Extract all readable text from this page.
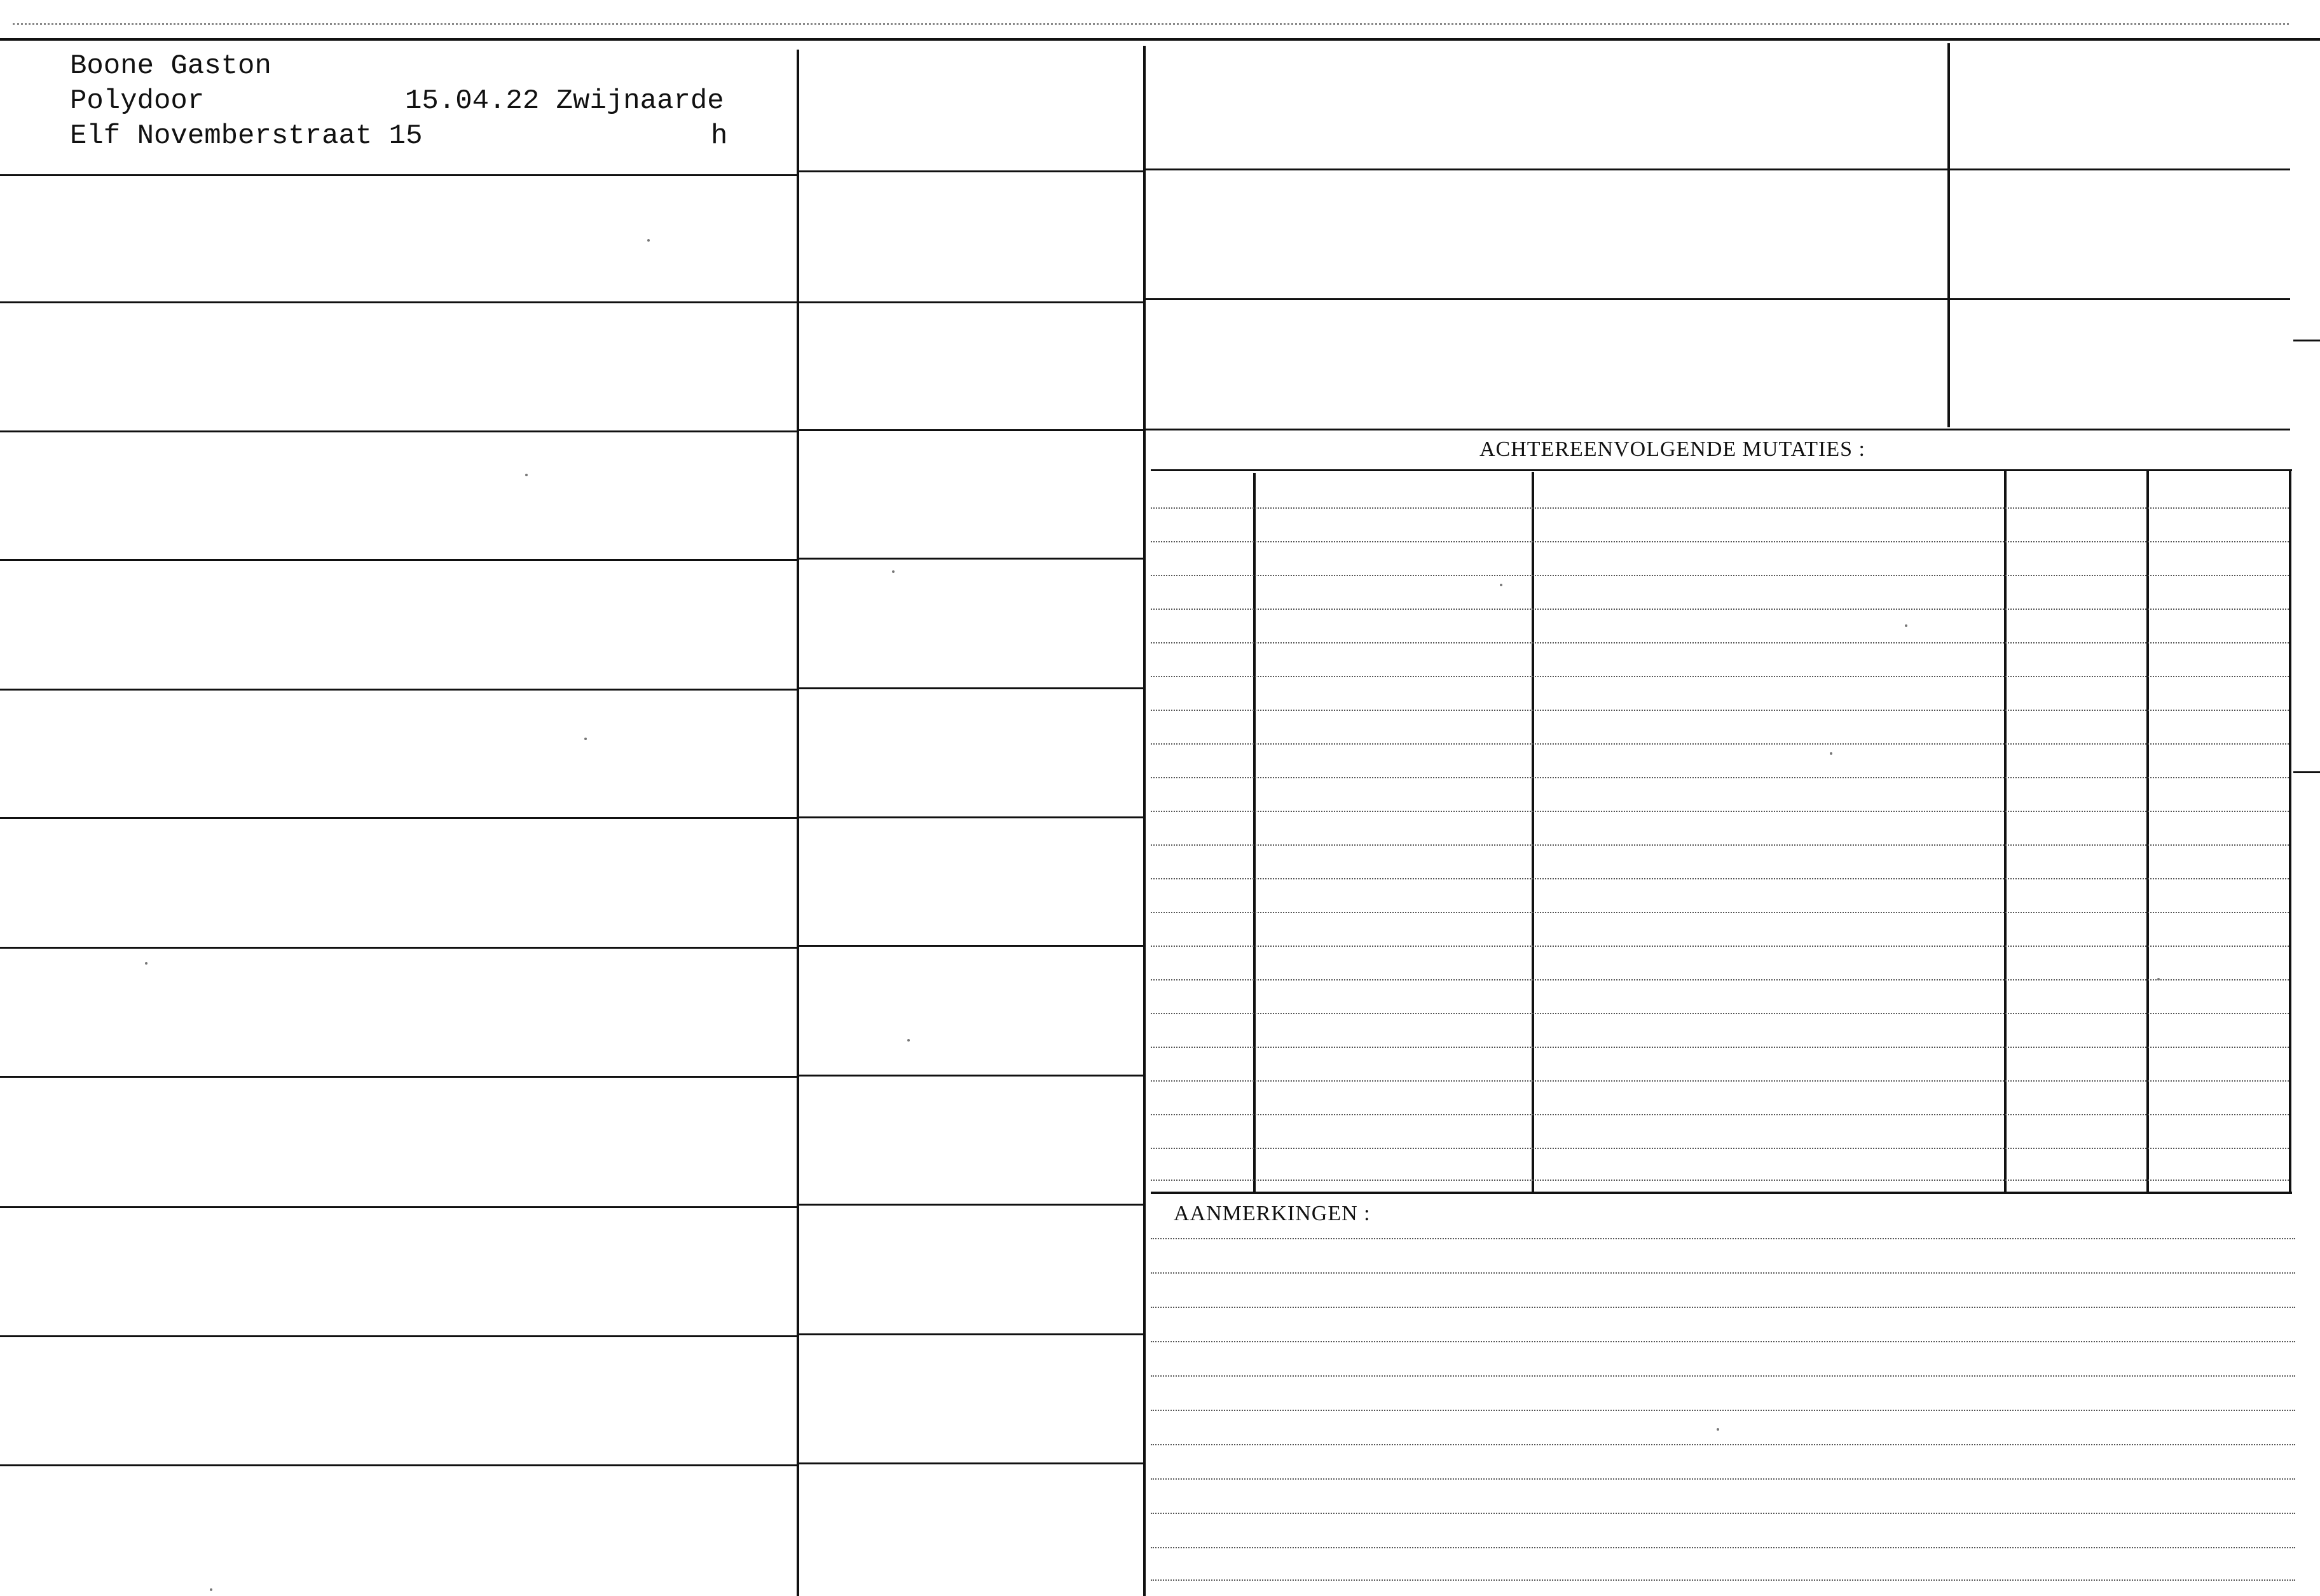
Boone Gaston
Polydoor	15.04.22 Zwijnaarde
Elf Novemberstraat 15	h
ACHTEREENVOLGENDE MUTATIES :
AANMERKINGEN :
